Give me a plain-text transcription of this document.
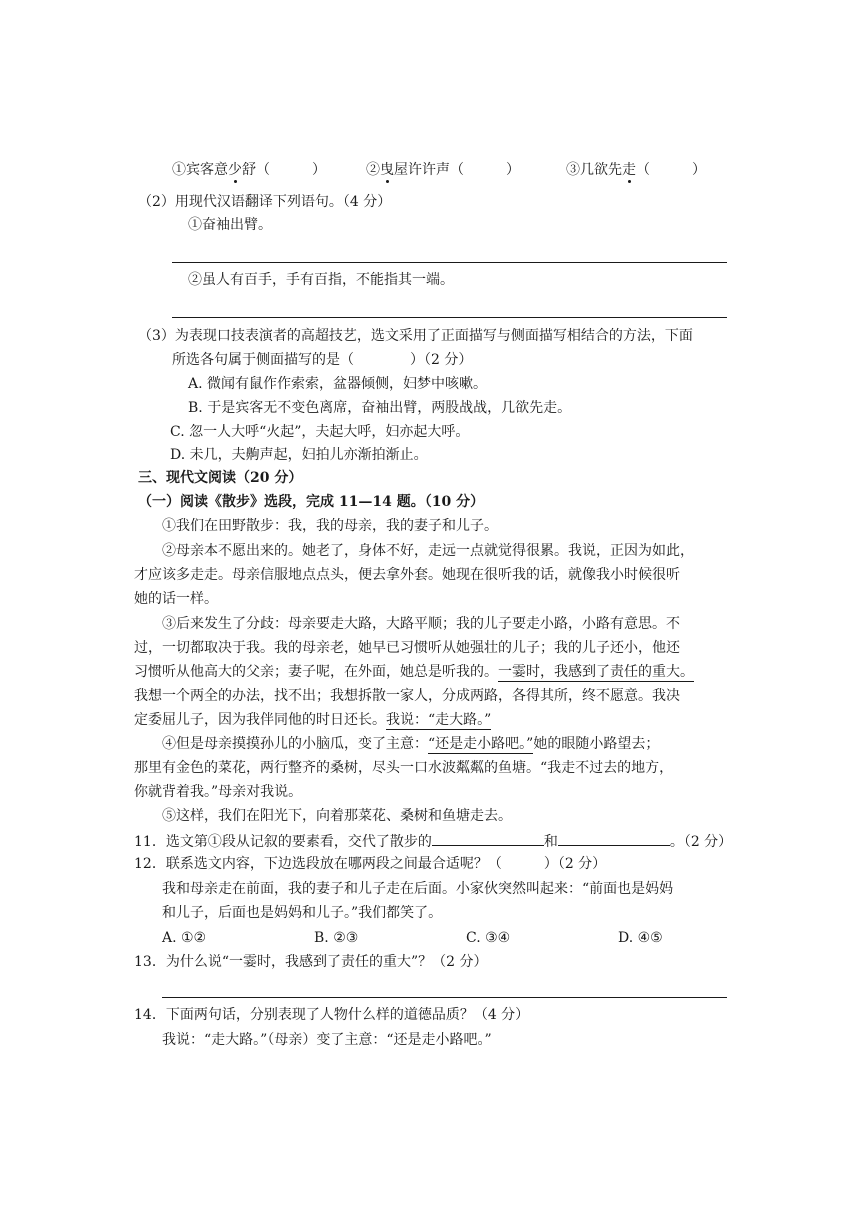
①宾客意少舒（　　　）	②曳屋许许声（　　　）	③几欲先走（　　　）
（2）用现代汉语翻译下列语句。（4 分）
①奋袖出臂。
②虽人有百手，手有百指，不能指其一端。
（3）为表现口技表演者的高超技艺，选文采用了正面描写与侧面描写相结合的方法，下面
所选各句属于侧面描写的是（　　　　）（2 分）
A. 微闻有鼠作作索索，盆器倾侧，妇梦中咳嗽。
B. 于是宾客无不变色离席，奋袖出臂，两股战战，几欲先走。
C. 忽一人大呼“火起”，夫起大呼，妇亦起大呼。
D. 未几，夫齁声起，妇拍儿亦渐拍渐止。
三、现代文阅读（20 分）
（一）阅读《散步》选段，完成 11—14 题。（10 分）
①我们在田野散步：我，我的母亲，我的妻子和儿子。
②母亲本不愿出来的。她老了，身体不好，走远一点就觉得很累。我说，正因为如此，
才应该多走走。母亲信服地点点头，便去拿外套。她现在很听我的话，就像我小时候很听
她的话一样。
③后来发生了分歧：母亲要走大路，大路平顺；我的儿子要走小路，小路有意思。不
过，一切都取决于我。我的母亲老，她早已习惯听从她强壮的儿子；我的儿子还小，他还
习惯听从他高大的父亲；妻子呢，在外面，她总是听我的。一霎时，我感到了责任的重大。
我想一个两全的办法，找不出；我想拆散一家人，分成两路，各得其所，终不愿意。我决
定委屈儿子，因为我伴同他的时日还长。我说：“走大路。”
④但是母亲摸摸孙儿的小脑瓜，变了主意：“还是走小路吧。”她的眼随小路望去；
那里有金色的菜花，两行整齐的桑树，尽头一口水波粼粼的鱼塘。“我走不过去的地方，
你就背着我。”母亲对我说。
⑤这样，我们在阳光下，向着那菜花、桑树和鱼塘走去。
11．选文第①段从记叙的要素看，交代了散步的	和	。（2 分）
12．联系选文内容，下边选段放在哪两段之间最合适呢？（　　　）（2 分）
我和母亲走在前面，我的妻子和儿子走在后面。小家伙突然叫起来：“前面也是妈妈
和儿子，后面也是妈妈和儿子。”我们都笑了。
A. ①②	B. ②③	C. ③④	D. ④⑤
13．为什么说“一霎时，我感到了责任的重大”？（2 分）
14．下面两句话，分别表现了人物什么样的道德品质？（4 分）
我说：“走大路。”（母亲）变了主意：“还是走小路吧。”
